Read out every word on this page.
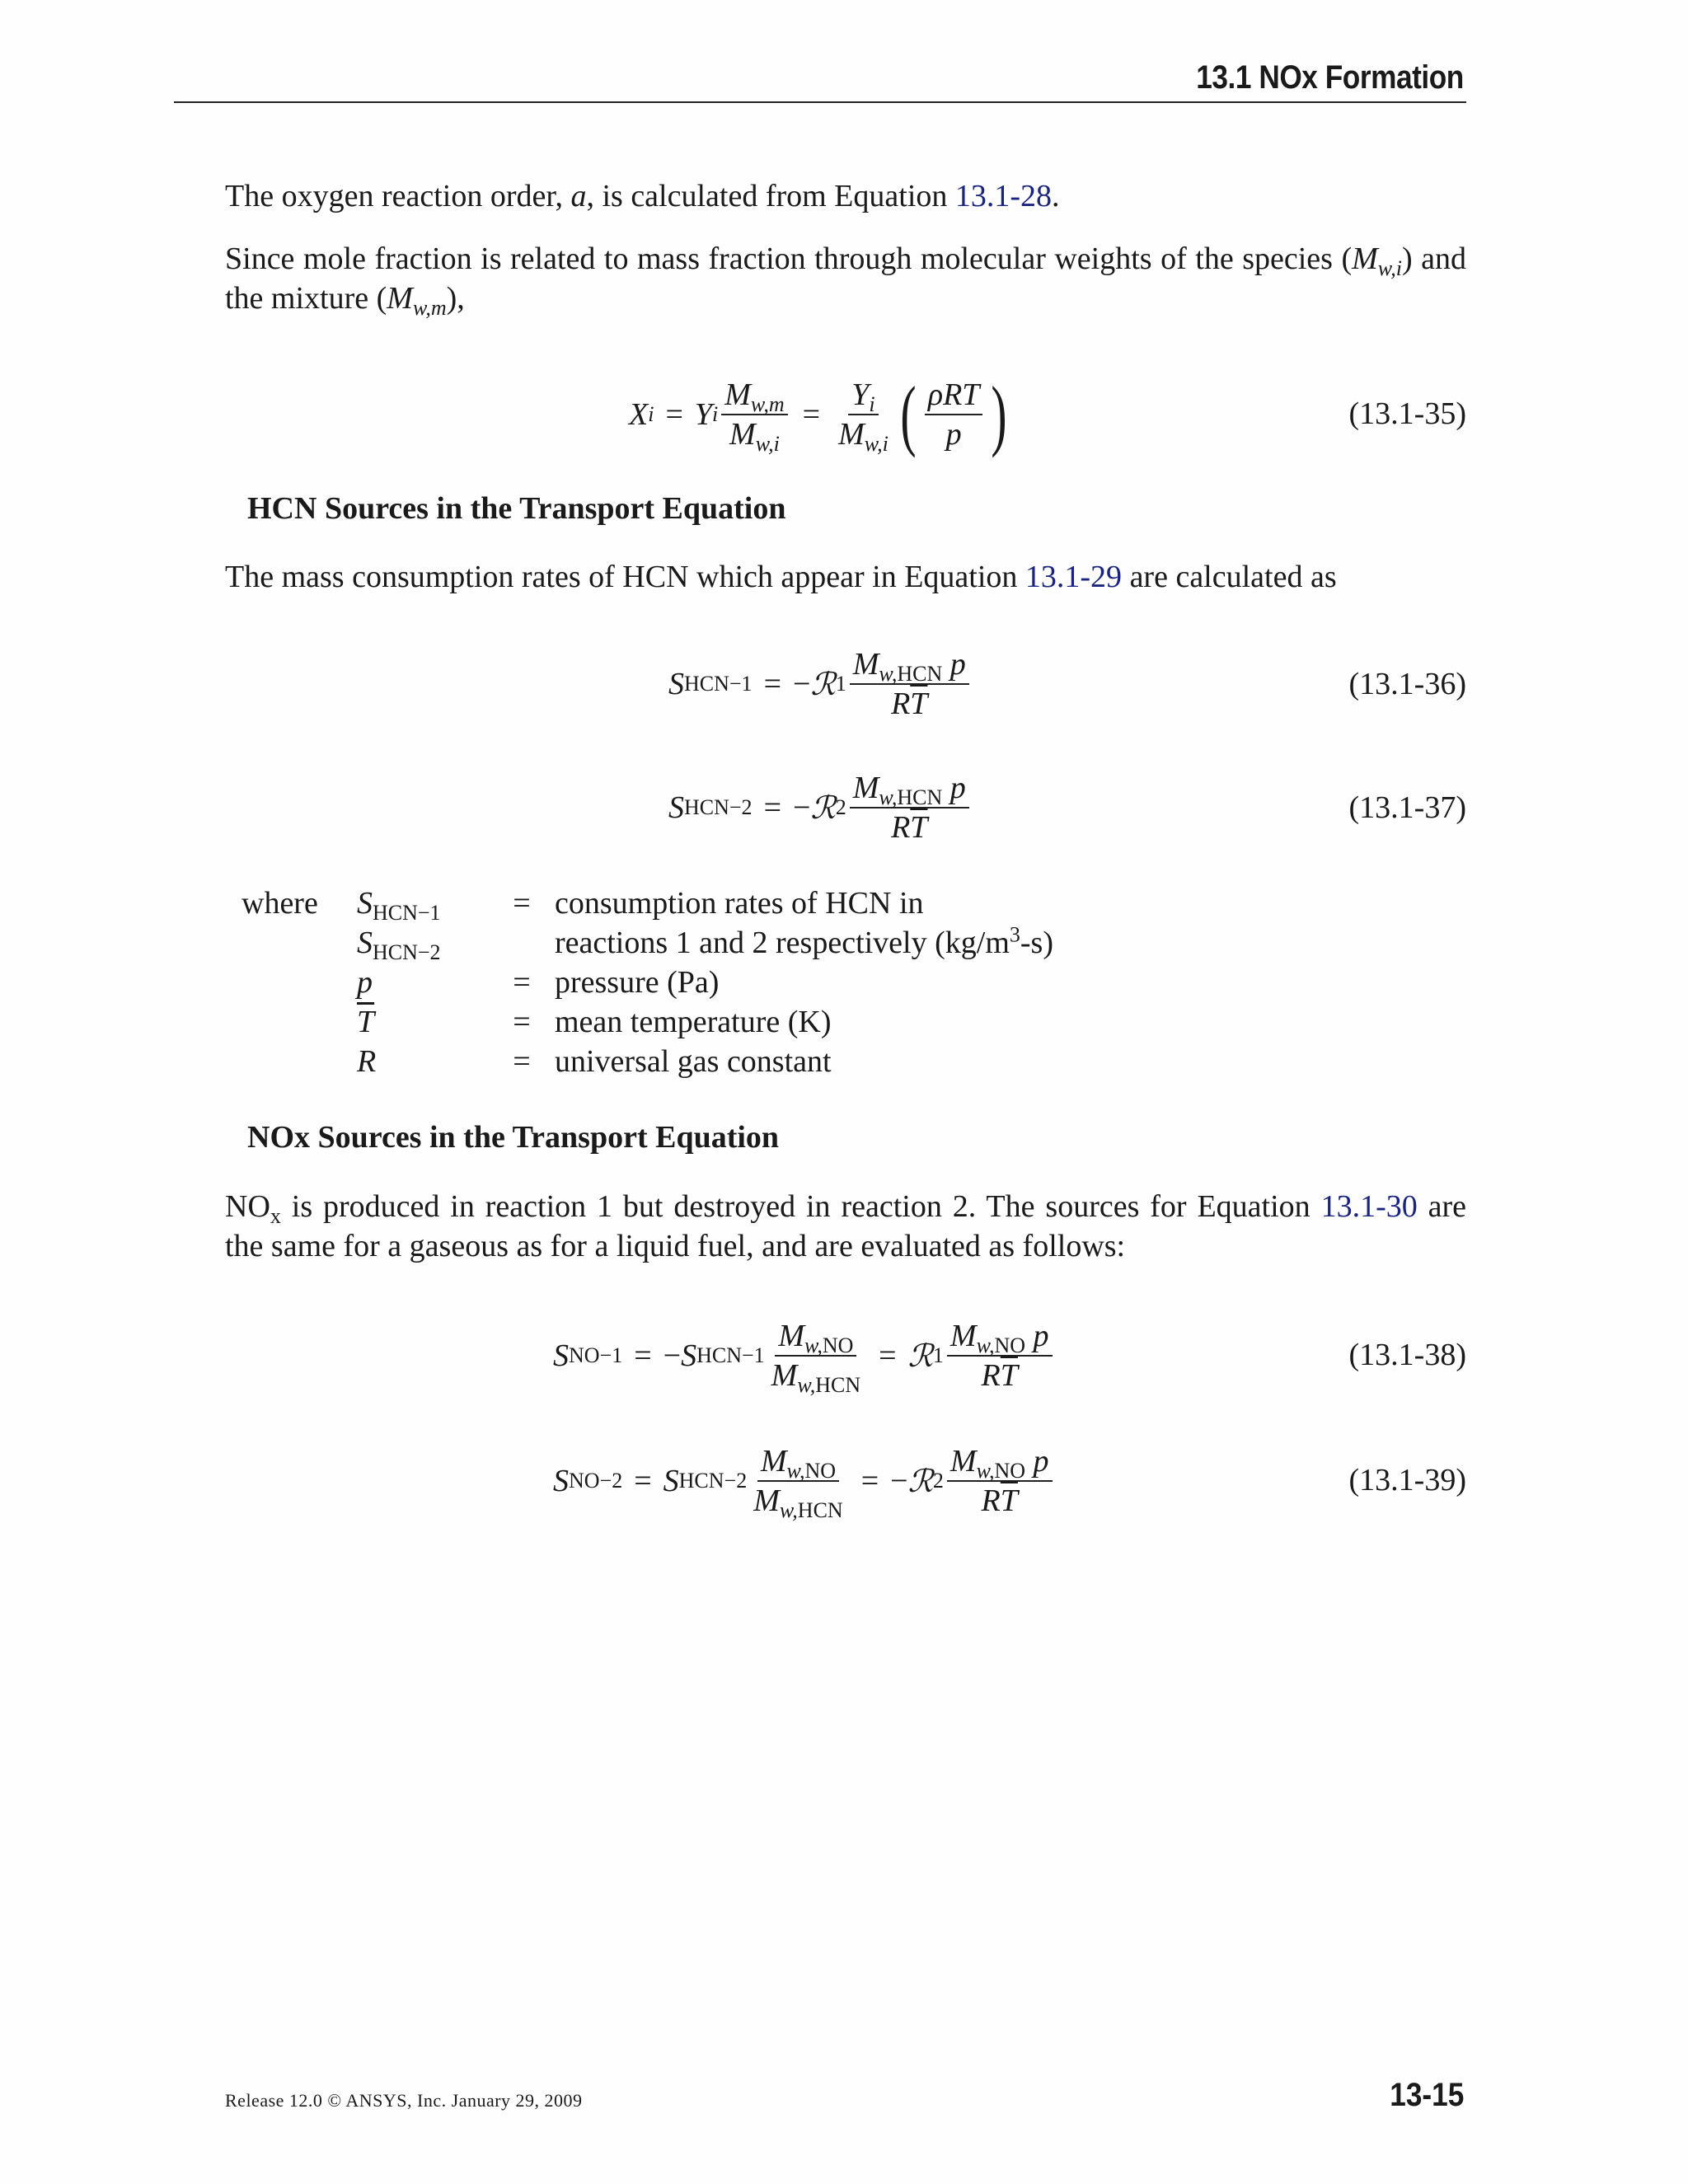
13.1 NOx Formation

The oxygen reaction order, a, is calculated from Equation 13.1-28.

Since mole fraction is related to mass fraction through molecular weights of the species $(M_{w,i})$ and the mixture $(M_{w,m})$,

X i = Y i $\frac{M_{w,m}}{M_{w,i}} = \frac{Y_i}{M_{w,i}}$ ( $\frac{\text{ρRT}}{p}$ )	(13.1-35)
HCN Sources in the Transport Equation

The mass consumption rates of HCN which appear in Equation 13.1-29 are calculated as

S HCN−1 = − ℛ $1 \frac{M_{w,HCN} p}{R\overline{T}}$	(13.1-36)
S HCN−2 = − ℛ $2 \frac{M_{w,HCN} p}{R\overline{T}}$	(13.1-37)
where	$S_{HCN-1}$	=	consumption rates of HCN in
	$S_{HCN-2}$		reactions 1 and 2 respectively $(kg/m^3-s)$
	p	=	pressure (Pa)
	$\overline{T}$	=	mean temperature (K)
	R	=	universal gas constant
NOx Sources in the Transport Equation

$NO_x$ is produced in reaction 1 but destroyed in reaction 2. The sources for Equation 13.1-30 are the same for a gaseous as for a liquid fuel, and are evaluated as follows:

S NO−1 = − S $HCN-1 \frac{M_{w,NO}}{M_{w,HCN}}$ = ℛ $1 \frac{M_{w,NO} p}{R\overline{T}}$	(13.1-38)
S NO−2 = S $HCN-2 \frac{M_{w,NO}}{M_{w,HCN}}$ = − ℛ $2 \frac{M_{w,NO} p}{R\overline{T}}$	(13.1-39)
Release 12.0 © ANSYS, Inc. January 29, 2009	13-15
